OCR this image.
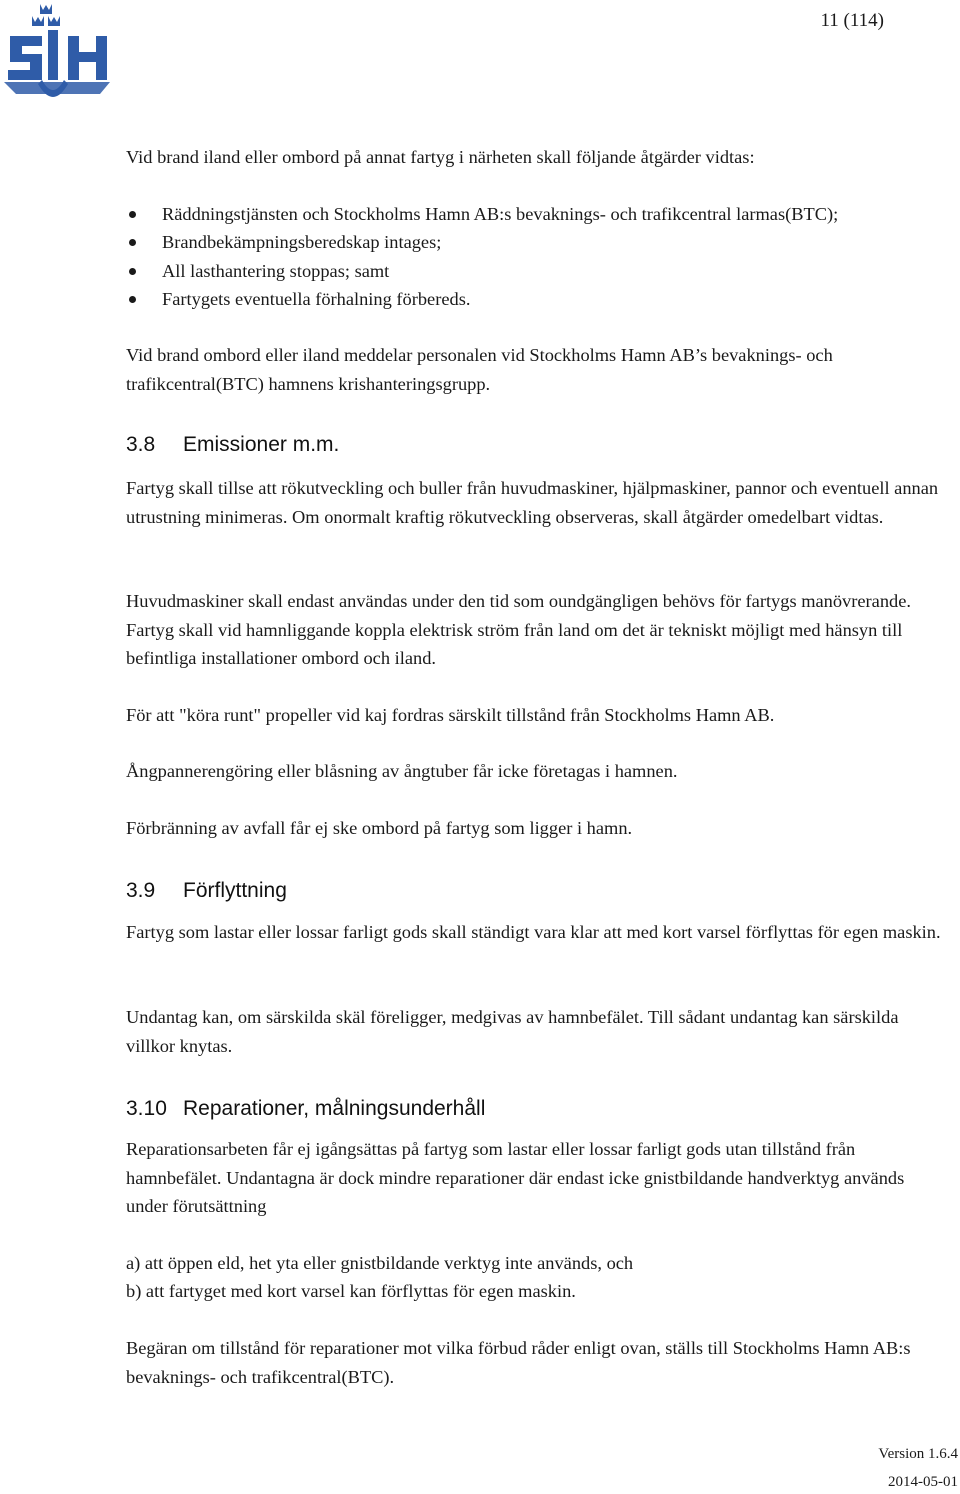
11 (114)

Vid brand iland eller ombord på annat fartyg i närheten skall följande åtgärder vidtas:

Räddningstjänsten och Stockholms Hamn AB:s bevaknings- och trafikcentral larmas(BTC);
Brandbekämpningsberedskap intages;
All lasthantering stoppas; samt
Fartygets eventuella förhalning förbereds.

Vid brand ombord eller iland meddelar personalen vid Stockholms Hamn AB’s bevaknings- och trafikcentral(BTC) hamnens krishanteringsgrupp.

3.8 Emissioner m.m.

Fartyg skall tillse att rökutveckling och buller från huvudmaskiner, hjälpmaskiner, pannor och eventuell annan utrustning minimeras. Om onormalt kraftig rökutveckling observeras, skall åtgärder omedelbart vidtas.

Huvudmaskiner skall endast användas under den tid som oundgängligen behövs för fartygs manövrerande. Fartyg skall vid hamnliggande koppla elektrisk ström från land om det är tekniskt möjligt med hänsyn till befintliga installationer ombord och iland.

För att "köra runt" propeller vid kaj fordras särskilt tillstånd från Stockholms Hamn AB.

Ångpannerengöring eller blåsning av ångtuber får icke företagas i hamnen.

Förbränning av avfall får ej ske ombord på fartyg som ligger i hamn.

3.9 Förflyttning

Fartyg som lastar eller lossar farligt gods skall ständigt vara klar att med kort varsel förflyttas för egen maskin.

Undantag kan, om särskilda skäl föreligger, medgivas av hamnbefälet. Till sådant undantag kan särskilda villkor knytas.

3.10 Reparationer, målningsunderhåll

Reparationsarbeten får ej igångsättas på fartyg som lastar eller lossar farligt gods utan tillstånd från hamnbefälet. Undantagna är dock mindre reparationer där endast icke gnistbildande handverktyg används under förutsättning

a) att öppen eld, het yta eller gnistbildande verktyg inte används, och

b) att fartyget med kort varsel kan förflyttas för egen maskin.

Begäran om tillstånd för reparationer mot vilka förbud råder enligt ovan, ställs till Stockholms Hamn AB:s bevaknings- och trafikcentral(BTC).

Version 1.6.4
2014-05-01
